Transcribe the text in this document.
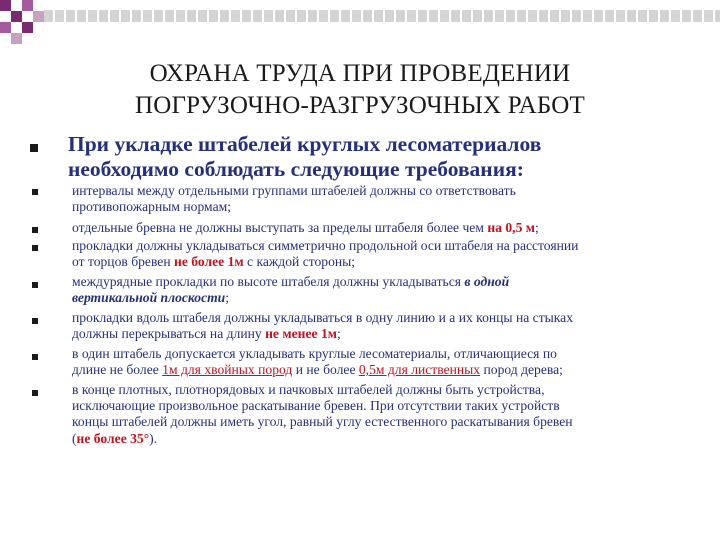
ОХРАНА ТРУДА ПРИ ПРОВЕДЕНИИ
ПОГРУЗОЧНО-РАЗГРУЗОЧНЫХ РАБОТ
При укладке штабелей круглых лесоматериалов
необходимо соблюдать следующие требования:
интервалы между отдельными группами штабелей должны со ответствовать
противопожарным нормам;
отдельные бревна не должны выступать за пределы штабеля более чем на 0,5 м;
прокладки должны укладываться симметрично продольной оси штабеля на расстоянии
от торцов бревен не более 1м с каждой стороны;
междурядные прокладки по высоте штабеля должны укладываться в одной
вертикальной плоскости;
прокладки вдоль штабеля должны укладываться в одну линию и а их концы на стыках
должны перекрываться на длину не менее 1м;
в один штабель допускается укладывать круглые лесоматериалы, отличающиеся по
длине не более 1м для хвойных пород и не более 0,5м для лиственных пород дерева;
в конце плотных, плотнорядовых и пачковых штабелей должны быть устройства,
исключающие произвольное раскатывание бревен. При отсутствии таких устройств
концы штабелей должны иметь угол, равный углу естественного раскатывания бревен
(не более 35°).
